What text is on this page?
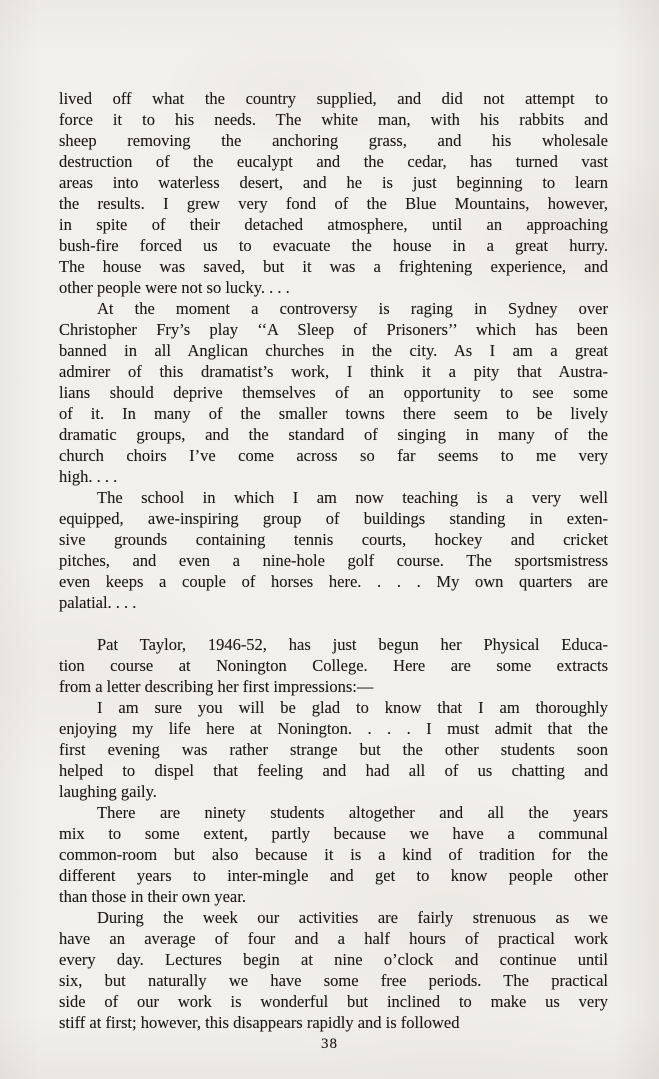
lived off what the country supplied, and did not attempt to
force it to his needs. The white man, with his rabbits and
sheep removing the anchoring grass, and his wholesale
destruction of the eucalypt and the cedar, has turned vast
areas into waterless desert, and he is just beginning to learn
the results. I grew very fond of the Blue Mountains, however,
in spite of their detached atmosphere, until an approaching
bush-fire forced us to evacuate the house in a great hurry.
The house was saved, but it was a frightening experience, and
other people were not so lucky. . . .
At the moment a controversy is raging in Sydney over
Christopher Fry’s play ‘‘A Sleep of Prisoners’’ which has been
banned in all Anglican churches in the city. As I am a great
admirer of this dramatist’s work, I think it a pity that Austra-
lians should deprive themselves of an opportunity to see some
of it. In many of the smaller towns there seem to be lively
dramatic groups, and the standard of singing in many of the
church choirs I’ve come across so far seems to me very
high. . . .
The school in which I am now teaching is a very well
equipped, awe-inspiring group of buildings standing in exten-
sive grounds containing tennis courts, hockey and cricket
pitches, and even a nine-hole golf course. The sportsmistress
even keeps a couple of horses here. . . . My own quarters are
palatial. . . .
Pat Taylor, 1946-52, has just begun her Physical Educa-
tion course at Nonington College. Here are some extracts
from a letter describing her first impressions:—
I am sure you will be glad to know that I am thoroughly
enjoying my life here at Nonington. . . . I must admit that the
first evening was rather strange but the other students soon
helped to dispel that feeling and had all of us chatting and
laughing gaily.
There are ninety students altogether and all the years
mix to some extent, partly because we have a communal
common-room but also because it is a kind of tradition for the
different years to inter-mingle and get to know people other
than those in their own year.
During the week our activities are fairly strenuous as we
have an average of four and a half hours of practical work
every day. Lectures begin at nine o’clock and continue until
six, but naturally we have some free periods. The practical
side of our work is wonderful but inclined to make us very
stiff at first; however, this disappears rapidly and is followed
38
